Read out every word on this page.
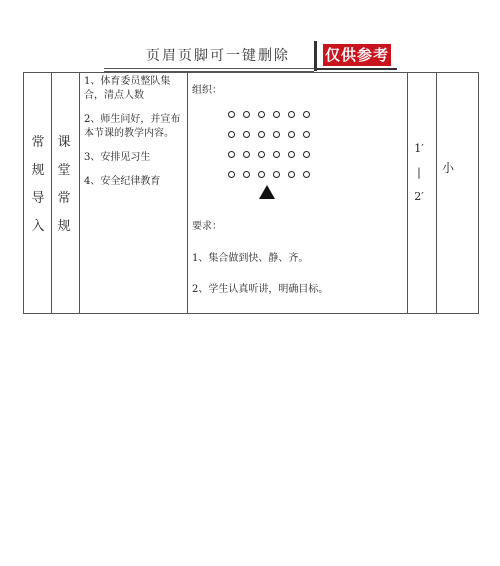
页眉页脚可一键删除 仅供参考
常
规
导
入
课
堂
常
规
1、体育委员整队集合，清点人数
2、师生问好，并宣布本节课的教学内容。
3、安排见习生
4、安全纪律教育
组织：
要求：
1、集合做到快、静、齐。
2、学生认真听讲，明确目标。
1′
|
2′
小
